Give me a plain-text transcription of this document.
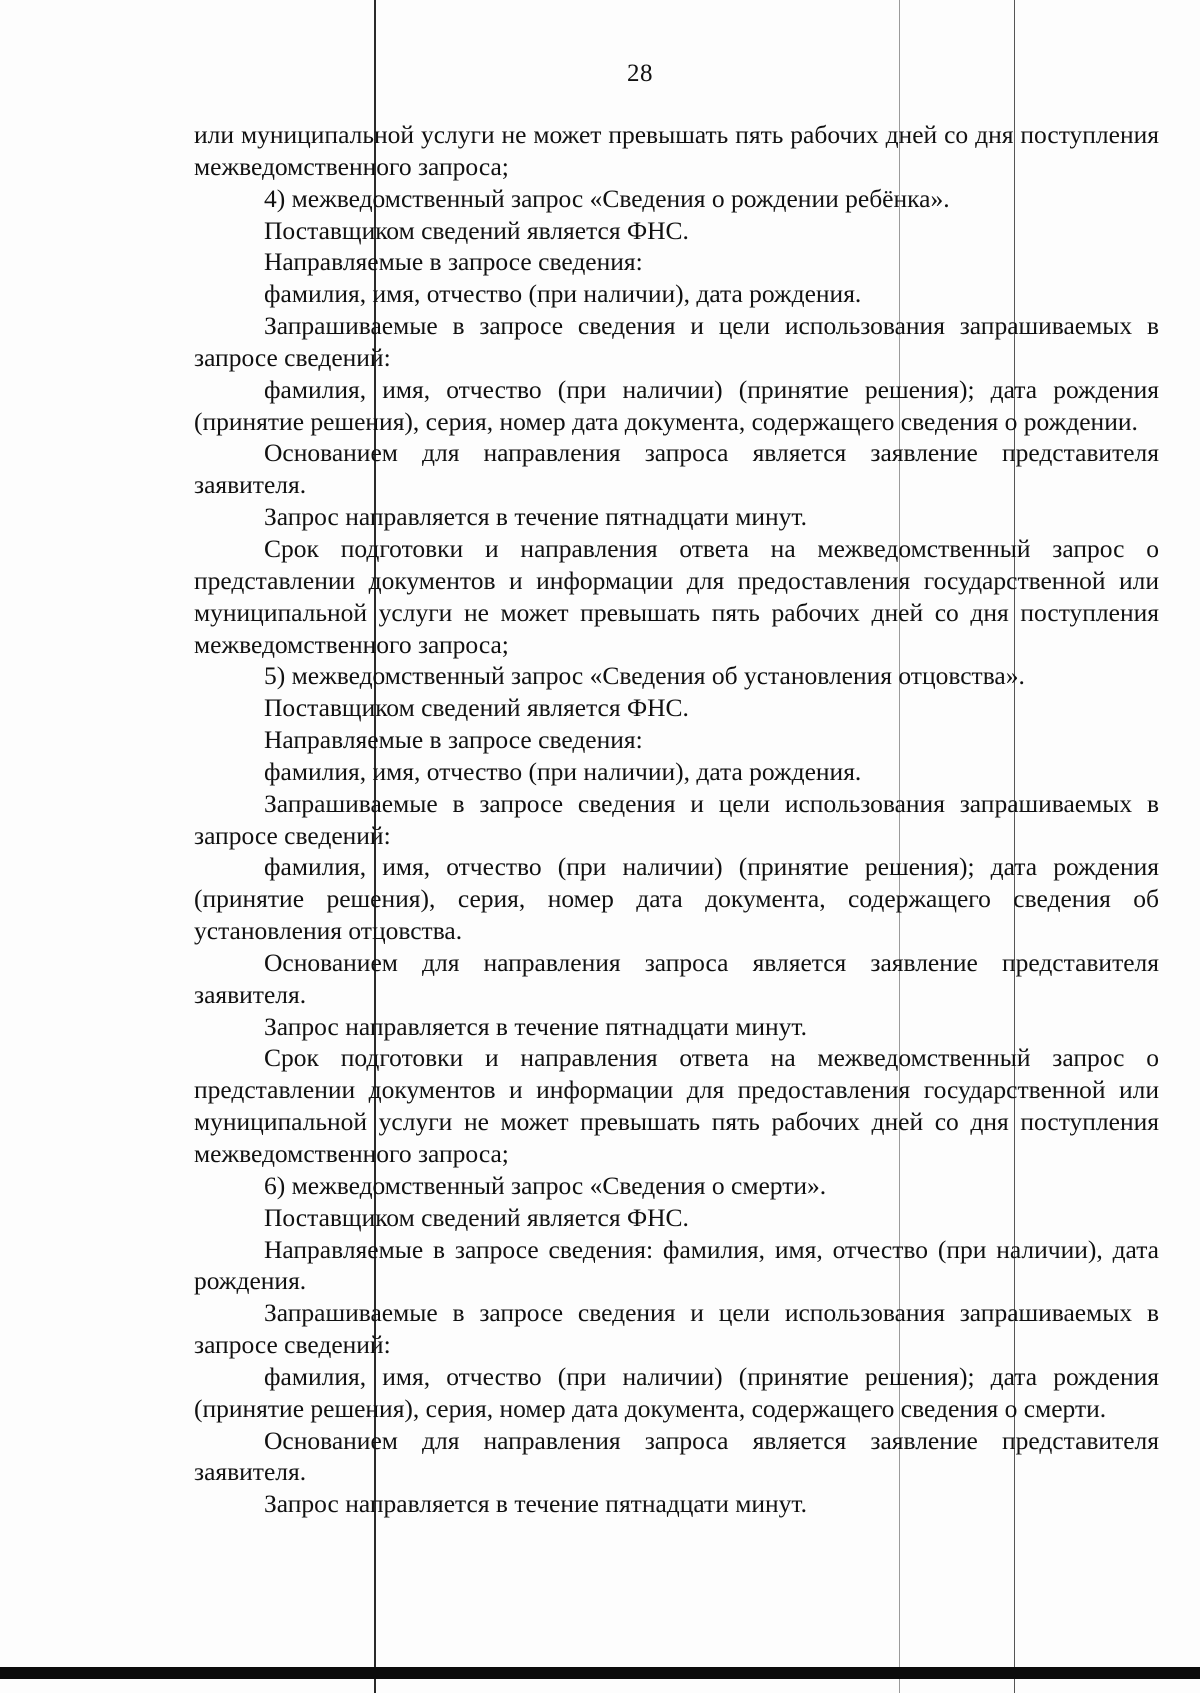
28

или муниципальной услуги не может превышать пять рабочих дней со дня поступления межведомственного запроса;

4) межведомственный запрос «Сведения о рождении ребёнка».

Поставщиком сведений является ФНС.

Направляемые в запросе сведения:

фамилия, имя, отчество (при наличии), дата рождения.

Запрашиваемые в запросе сведения и цели использования запрашиваемых в запросе сведений:

фамилия, имя, отчество (при наличии) (принятие решения); дата рождения (принятие решения), серия, номер дата документа, содержащего сведения о рождении.

Основанием для направления запроса является заявление представителя заявителя.

Запрос направляется в течение пятнадцати минут.

Срок подготовки и направления ответа на межведомственный запрос о представлении документов и информации для предоставления государственной или муниципальной услуги не может превышать пять рабочих дней со дня поступления межведомственного запроса;

5) межведомственный запрос «Сведения об установления отцовства».

Поставщиком сведений является ФНС.

Направляемые в запросе сведения:

фамилия, имя, отчество (при наличии), дата рождения.

Запрашиваемые в запросе сведения и цели использования запрашиваемых в запросе сведений:

фамилия, имя, отчество (при наличии) (принятие решения); дата рождения (принятие решения), серия, номер дата документа, содержащего сведения об установления отцовства.

Основанием для направления запроса является заявление представителя заявителя.

Запрос направляется в течение пятнадцати минут.

Срок подготовки и направления ответа на межведомственный запрос о представлении документов и информации для предоставления государственной или муниципальной услуги не может превышать пять рабочих дней со дня поступления межведомственного запроса;

6) межведомственный запрос «Сведения о смерти».

Поставщиком сведений является ФНС.

Направляемые в запросе сведения: фамилия, имя, отчество (при наличии), дата рождения.

Запрашиваемые в запросе сведения и цели использования запрашиваемых в запросе сведений:

фамилия, имя, отчество (при наличии) (принятие решения); дата рождения (принятие решения), серия, номер дата документа, содержащего сведения о смерти.

Основанием для направления запроса является заявление представителя заявителя.

Запрос направляется в течение пятнадцати минут.
